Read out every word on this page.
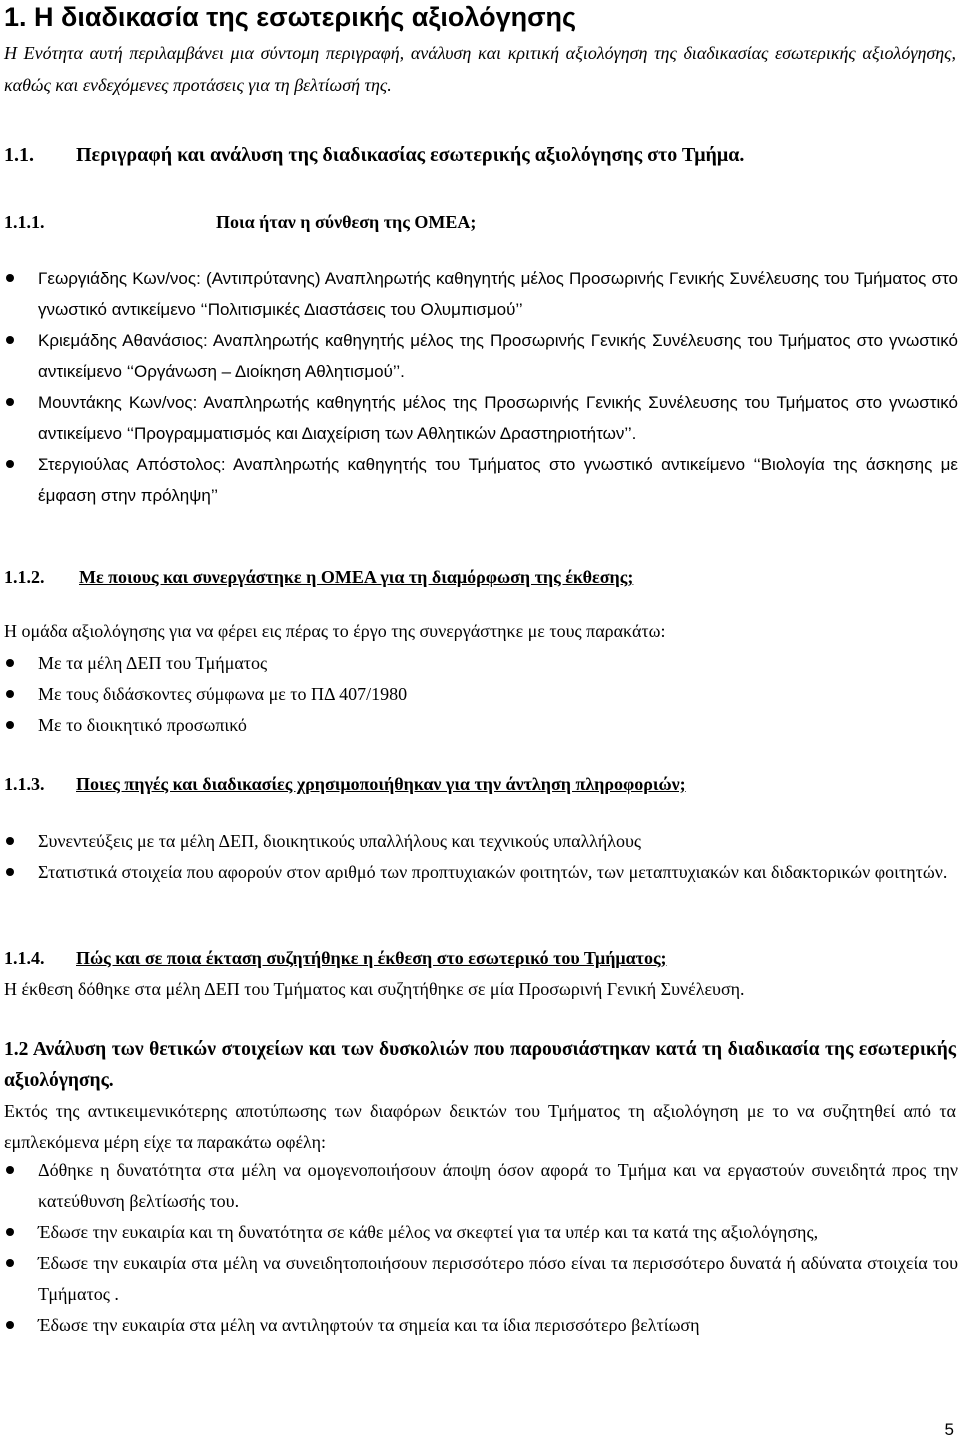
1. Η διαδικασία της εσωτερικής αξιολόγησης

Η Ενότητα αυτή περιλαμβάνει μια σύντομη περιγραφή, ανάλυση και κριτική αξιολόγηση της διαδικασίας εσωτερικής αξιολόγησης, καθώς και ενδεχόμενες προτάσεις για τη βελτίωσή της.

1.1. Περιγραφή και ανάλυση της διαδικασίας εσωτερικής αξιολόγησης στο Τμήμα.
1.1.1.	Ποια ήταν η σύνθεση της ΟΜΕΑ;
Γεωργιάδης Κων/νος: (Αντιπρύτανης) Αναπληρωτής καθηγητής μέλος Προσωρινής Γενικής Συνέλευσης του Τμήματος στο γνωστικό αντικείμενο ‘‘Πολιτισμικές Διαστάσεις του Ολυμπισμού’’
Κριεμάδης Αθανάσιος: Αναπληρωτής καθηγητής μέλος της Προσωρινής Γενικής Συνέλευσης του Τμήματος στο γνωστικό αντικείμενο ‘‘Οργάνωση – Διοίκηση Αθλητισμού’’.
Μουντάκης Κων/νος: Αναπληρωτής καθηγητής μέλος της Προσωρινής Γενικής Συνέλευσης του Τμήματος στο γνωστικό αντικείμενο ‘‘Προγραμματισμός και Διαχείριση των Αθλητικών Δραστηριοτήτων’’.
Στεργιούλας Απόστολος: Αναπληρωτής καθηγητής του Τμήματος στο γνωστικό αντικείμενο ‘‘Βιολογία της άσκησης με έμφαση στην πρόληψη’’
1.1.2. Με ποιους και συνεργάστηκε η ΟΜΕΑ για τη διαμόρφωση της έκθεσης;
Η ομάδα αξιολόγησης για να φέρει εις πέρας το έργο της συνεργάστηκε με τους παρακάτω:
Με τα μέλη ΔΕΠ του Τμήματος
Με τους διδάσκοντες σύμφωνα με το ΠΔ 407/1980
Με το διοικητικό προσωπικό
1.1.3. Ποιες πηγές και διαδικασίες χρησιμοποιήθηκαν για την άντληση πληροφοριών;
Συνεντεύξεις με τα μέλη ΔΕΠ, διοικητικούς υπαλλήλους και τεχνικούς υπαλλήλους
Στατιστικά στοιχεία που αφορούν στον αριθμό των προπτυχιακών φοιτητών, των μεταπτυχιακών και διδακτορικών φοιτητών.
1.1.4. Πώς και σε ποια έκταση συζητήθηκε η έκθεση στο εσωτερικό του Τμήματος;
Η έκθεση δόθηκε στα μέλη ΔΕΠ του Τμήματος και συζητήθηκε σε μία Προσωρινή Γενική Συνέλευση.
1.2 Ανάλυση των θετικών στοιχείων και των δυσκολιών που παρουσιάστηκαν κατά τη διαδικασία της εσωτερικής αξιολόγησης.
Εκτός της αντικειμενικότερης αποτύπωσης των διαφόρων δεικτών του Τμήματος τη αξιολόγηση με το να συζητηθεί από τα εμπλεκόμενα μέρη είχε τα παρακάτω οφέλη:
Δόθηκε η δυνατότητα στα μέλη να ομογενοποιήσουν άποψη όσον αφορά το Τμήμα και να εργαστούν συνειδητά προς την κατεύθυνση βελτίωσής του.
Έδωσε την ευκαιρία και τη δυνατότητα σε κάθε μέλος να σκεφτεί για τα υπέρ και τα κατά της αξιολόγησης,
Έδωσε την ευκαιρία στα μέλη να συνειδητοποιήσουν περισσότερο πόσο είναι τα περισσότερο δυνατά ή αδύνατα στοιχεία του Τμήματος .
Έδωσε την ευκαιρία στα μέλη να αντιληφτούν τα σημεία και τα ίδια περισσότερο βελτίωση
5
